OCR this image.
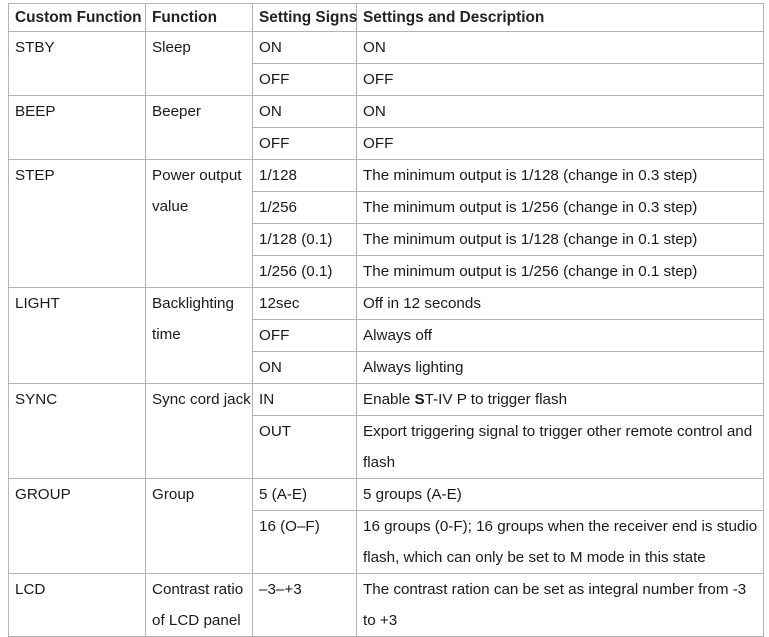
Custom Function	Function	Setting Signs	Settings and Description
STBY	Sleep	ON	ON
		OFF	OFF
BEEP	Beeper	ON	ON
		OFF	OFF
STEP	Power output value	1/128	The minimum output is 1/128 (change in 0.3 step)
		1/256	The minimum output is 1/256 (change in 0.3 step)
		1/128 (0.1)	The minimum output is 1/128 (change in 0.1 step)
		1/256 (0.1)	The minimum output is 1/256 (change in 0.1 step)
LIGHT	Backlighting time	12sec	Off in 12 seconds
		OFF	Always off
		ON	Always lighting
SYNC	Sync cord jack	IN	Enable ST-IV P to trigger flash
		OUT	Export triggering signal to trigger other remote control and flash
GROUP	Group	5 (A-E)	5 groups (A-E)
		16 (O–F)	16 groups (0-F); 16 groups when the receiver end is studio flash, which can only be set to M mode in this state
LCD	Contrast ratio of LCD panel	–3–+3	The contrast ration can be set as integral number from -3 to +3
